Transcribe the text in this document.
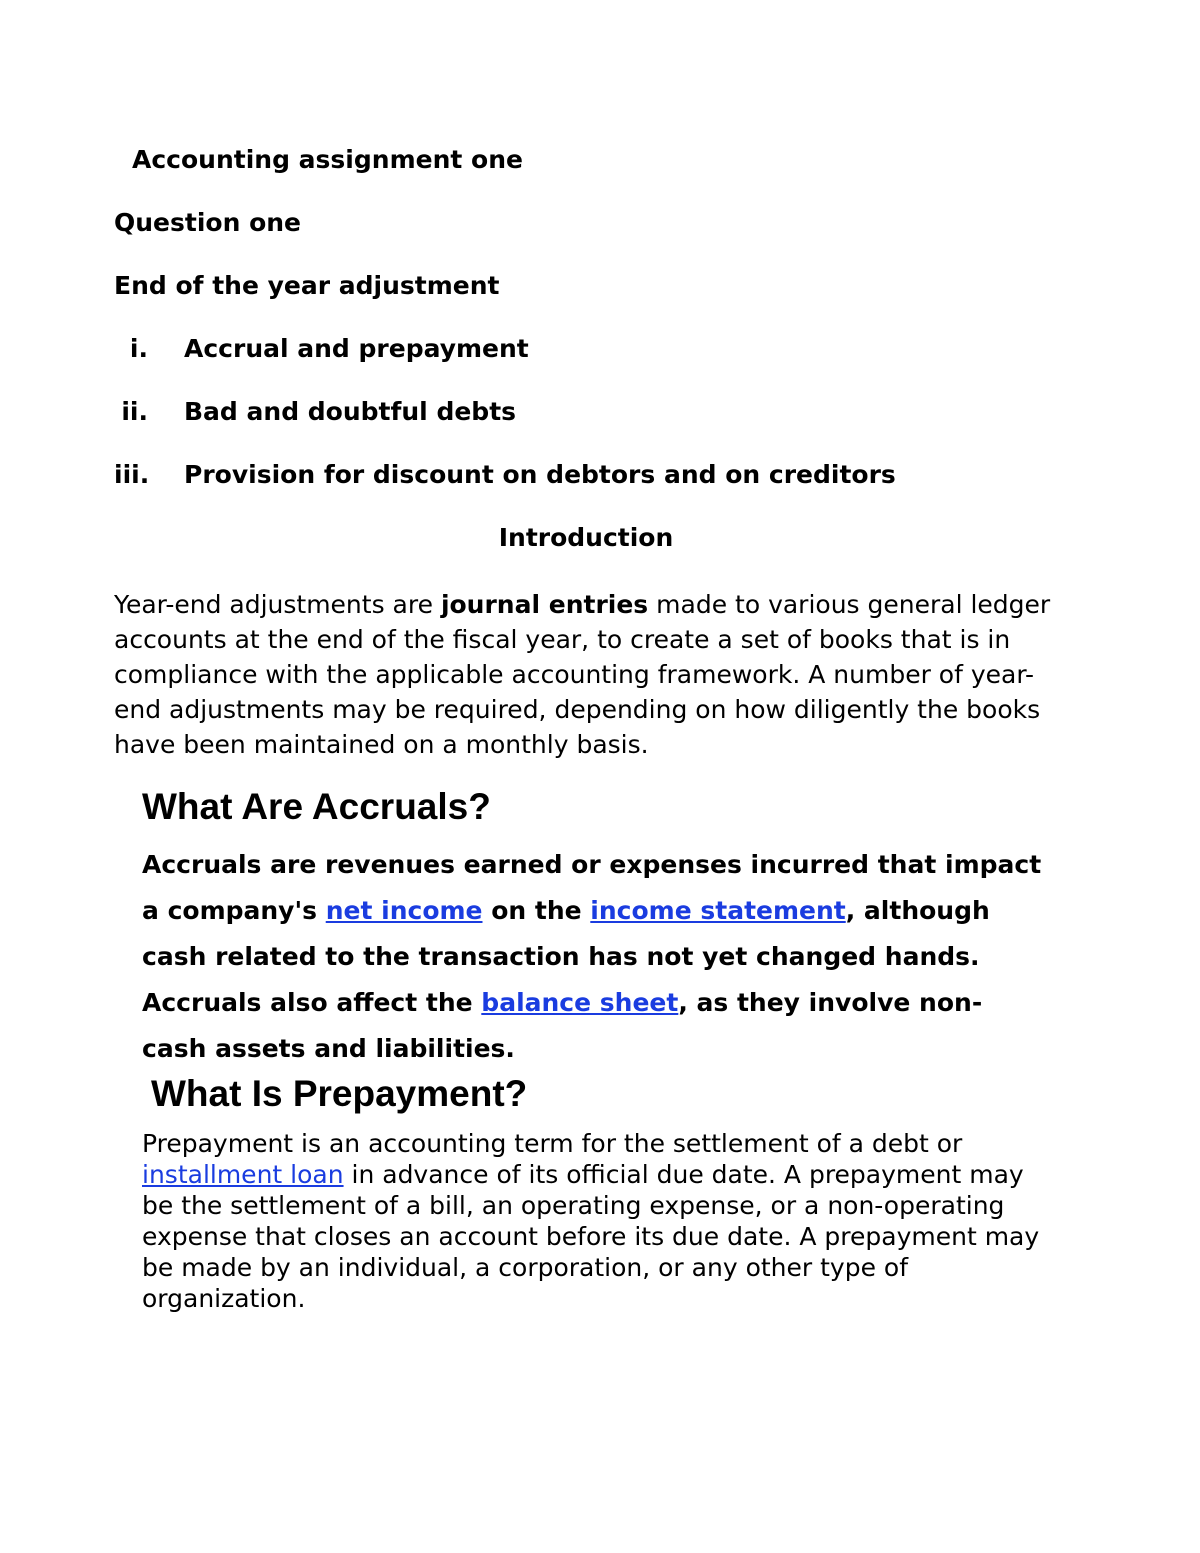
Accounting assignment one

Question one

End of the year adjustment

i. Accrual and prepayment
ii. Bad and doubtful debts
iii. Provision for discount on debtors and on creditors

Introduction

Year-end adjustments are journal entries made to various general ledger accounts at the end of the fiscal year, to create a set of books that is in compliance with the applicable accounting framework. A number of year-end adjustments may be required, depending on how diligently the books have been maintained on a monthly basis.

What Are Accruals?

Accruals are revenues earned or expenses incurred that impact a company's net income on the income statement, although cash related to the transaction has not yet changed hands. Accruals also affect the balance sheet, as they involve non-cash assets and liabilities.

What Is Prepayment?

Prepayment is an accounting term for the settlement of a debt or installment loan in advance of its official due date. A prepayment may be the settlement of a bill, an operating expense, or a non-operating expense that closes an account before its due date. A prepayment may be made by an individual, a corporation, or any other type of organization.
